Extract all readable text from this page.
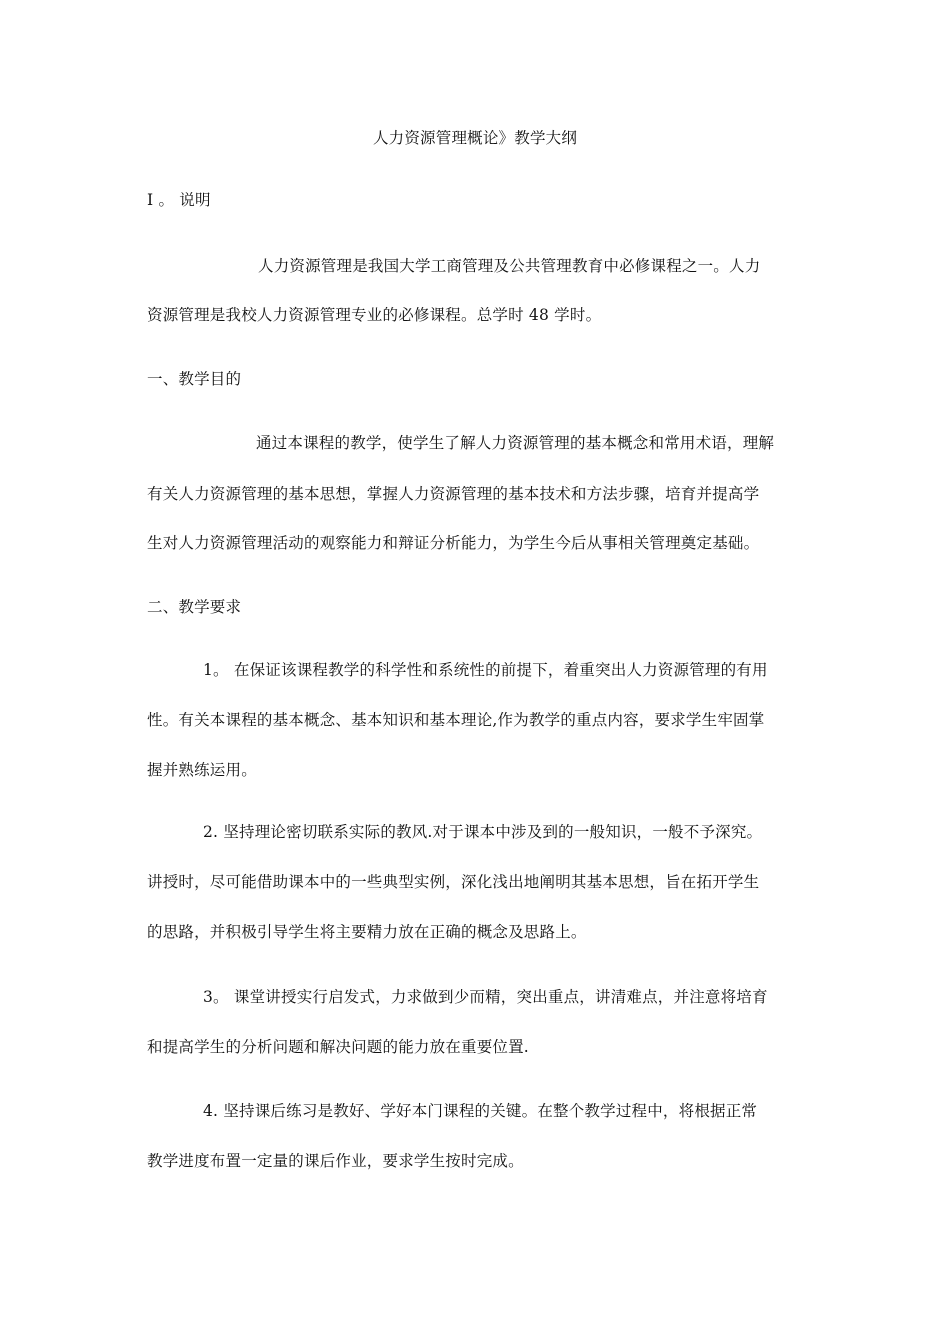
人力资源管理概论》教学大纲
Ⅰ 。 说明
人力资源管理是我国大学工商管理及公共管理教育中必修课程之一。人力
资源管理是我校人力资源管理专业的必修课程。总学时 48 学时。
一、教学目的
通过本课程的教学，使学生了解人力资源管理的基本概念和常用术语，理解
有关人力资源管理的基本思想，掌握人力资源管理的基本技术和方法步骤，培育并提高学
生对人力资源管理活动的观察能力和辩证分析能力，为学生今后从事相关管理奠定基础。
二、教学要求
1。 在保证该课程教学的科学性和系统性的前提下，着重突出人力资源管理的有用
性。有关本课程的基本概念、基本知识和基本理论,作为教学的重点内容，要求学生牢固掌
握并熟练运用。
2. 坚持理论密切联系实际的教风.对于课本中涉及到的一般知识，一般不予深究。
讲授时，尽可能借助课本中的一些典型实例，深化浅出地阐明其基本思想，旨在拓开学生
的思路，并积极引导学生将主要精力放在正确的概念及思路上。
3。 课堂讲授实行启发式，力求做到少而精，突出重点，讲清难点，并注意将培育
和提高学生的分析问题和解决问题的能力放在重要位置.
4. 坚持课后练习是教好、学好本门课程的关键。在整个教学过程中，将根据正常
教学进度布置一定量的课后作业，要求学生按时完成。
